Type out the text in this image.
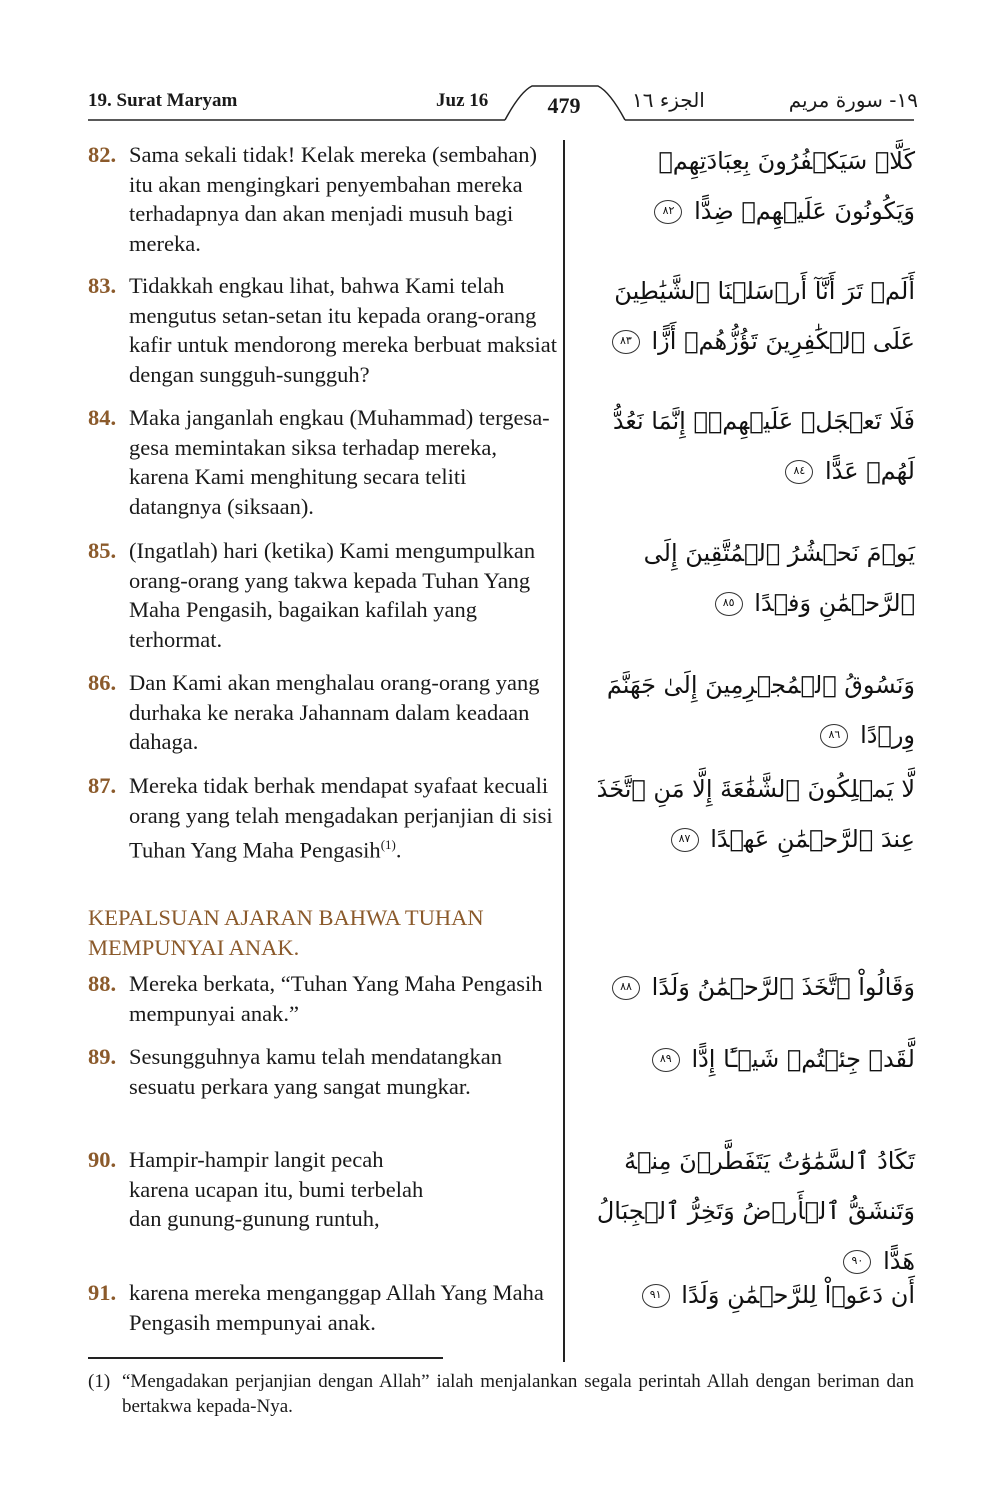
19. Surat Maryam	Juz 16	479	الجزء ١٦	١٩- سورة مريم
82. Sama sekali tidak! Kelak mereka (sembahan) itu akan mengingkari penyembahan mereka terhadapnya dan akan menjadi musuh bagi mereka.
كَلَّاۚ سَيَكۡفُرُونَ بِعِبَادَتِهِمۡ وَيَكُونُونَ عَلَيۡهِمۡ ضِدًّا ٨٢
83. Tidakkah engkau lihat, bahwa Kami telah mengutus setan-setan itu kepada orang-orang kafir untuk mendorong mereka berbuat maksiat dengan sungguh-sungguh?
أَلَمۡ تَرَ أَنَّآ أَرۡسَلۡنَا ٱلشَّيَٰطِينَ عَلَى ٱلۡكَٰفِرِينَ تَؤُزُّهُمۡ أَزًّا ٨٣
84. Maka janganlah engkau (Muhammad) tergesa-gesa memintakan siksa terhadap mereka, karena Kami menghitung secara teliti datangnya (siksaan).
فَلَا تَعۡجَلۡ عَلَيۡهِمۡۖ إِنَّمَا نَعُدُّ لَهُمۡ عَدًّا ٨٤
85. (Ingatlah) hari (ketika) Kami mengumpulkan orang-orang yang takwa kepada Tuhan Yang Maha Pengasih, bagaikan kafilah yang terhormat.
يَوۡمَ نَحۡشُرُ ٱلۡمُتَّقِينَ إِلَى ٱلرَّحۡمَٰنِ وَفۡدًا ٨٥
86. Dan Kami akan menghalau orang-orang yang durhaka ke neraka Jahannam dalam keadaan dahaga.
وَنَسُوقُ ٱلۡمُجۡرِمِينَ إِلَىٰ جَهَنَّمَ وِرۡدًا ٨٦
87. Mereka tidak berhak mendapat syafaat kecuali orang yang telah mengadakan perjanjian di sisi Tuhan Yang Maha Pengasih$^{(1)}$.
لَّا يَمۡلِكُونَ ٱلشَّفَٰعَةَ إِلَّا مَنِ ٱتَّخَذَ عِندَ ٱلرَّحۡمَٰنِ عَهۡدًا ٨٧
KEPALSUAN AJARAN BAHWA TUHAN MEMPUNYAI ANAK.
88. Mereka berkata, “Tuhan Yang Maha Pengasih mempunyai anak.”
وَقَالُواْ ٱتَّخَذَ ٱلرَّحۡمَٰنُ وَلَدًا ٨٨
89. Sesungguhnya kamu telah mendatangkan sesuatu perkara yang sangat mungkar.
لَّقَدۡ جِئۡتُمۡ شَيۡـًٔا إِدًّا ٨٩
90. Hampir-hampir langit pecah karena ucapan itu, bumi terbelah dan gunung-gunung runtuh,
تَكَادُ ٱلسَّمَٰوَٰتُ يَتَفَطَّرۡنَ مِنۡهُ وَتَنشَقُّ ٱلۡأَرۡضُ وَتَخِرُّ ٱلۡجِبَالُ هَدًّا ٩٠
91. karena mereka menganggap Allah Yang Maha Pengasih mempunyai anak.
أَن دَعَوۡاْ لِلرَّحۡمَٰنِ وَلَدًا ٩١
(1) “Mengadakan perjanjian dengan Allah” ialah menjalankan segala perintah Allah dengan beriman dan bertakwa kepada-Nya.
